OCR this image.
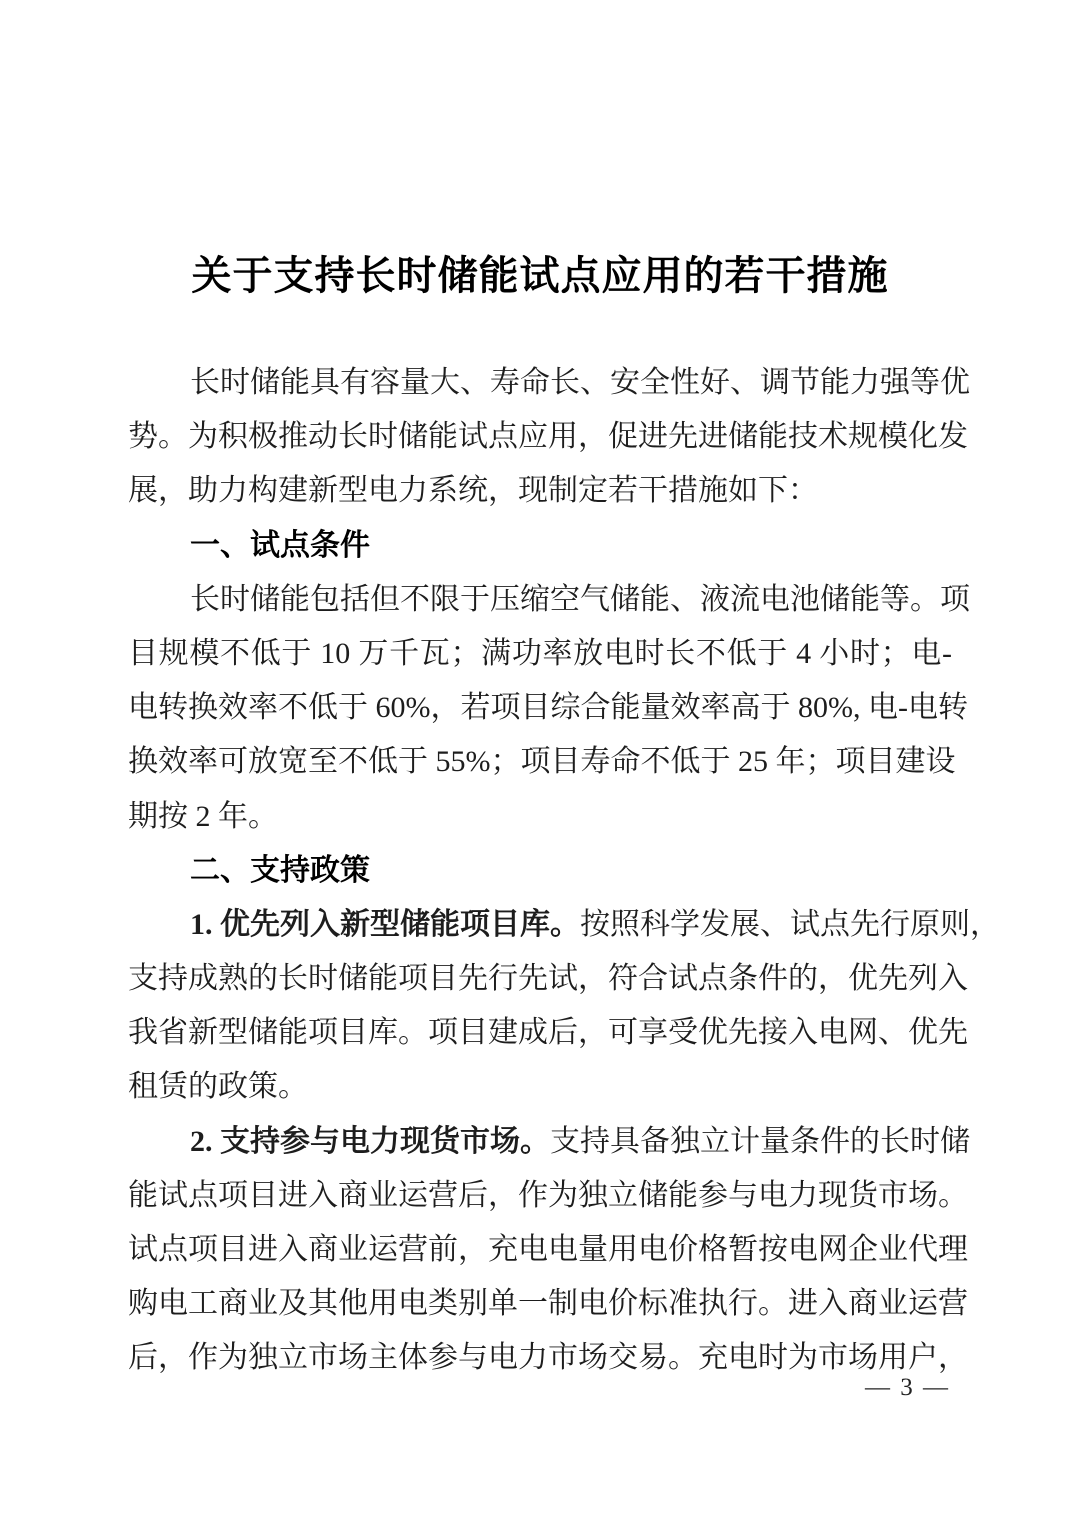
关于支持长时储能试点应用的若干措施

长时储能具有容量大、寿命长、安全性好、调节能力强等优

势。为积极推动长时储能试点应用，促进先进储能技术规模化发

展，助力构建新型电力系统，现制定若干措施如下：

一、试点条件

长时储能包括但不限于压缩空气储能、液流电池储能等。项

目规模不低于 10 万千瓦；满功率放电时长不低于 4 小时；电-

电转换效率不低于 60%，若项目综合能量效率高于 80%, 电-电转

换效率可放宽至不低于 55%；项目寿命不低于 25 年；项目建设

期按 2 年。

二、支持政策

1. 优先列入新型储能项目库。按照科学发展、试点先行原则，

支持成熟的长时储能项目先行先试，符合试点条件的，优先列入

我省新型储能项目库。项目建成后，可享受优先接入电网、优先

租赁的政策。

2. 支持参与电力现货市场。支持具备独立计量条件的长时储

能试点项目进入商业运营后，作为独立储能参与电力现货市场。

试点项目进入商业运营前，充电电量用电价格暂按电网企业代理

购电工商业及其他用电类别单一制电价标准执行。进入商业运营

后，作为独立市场主体参与电力市场交易。充电时为市场用户，

— 3 —
